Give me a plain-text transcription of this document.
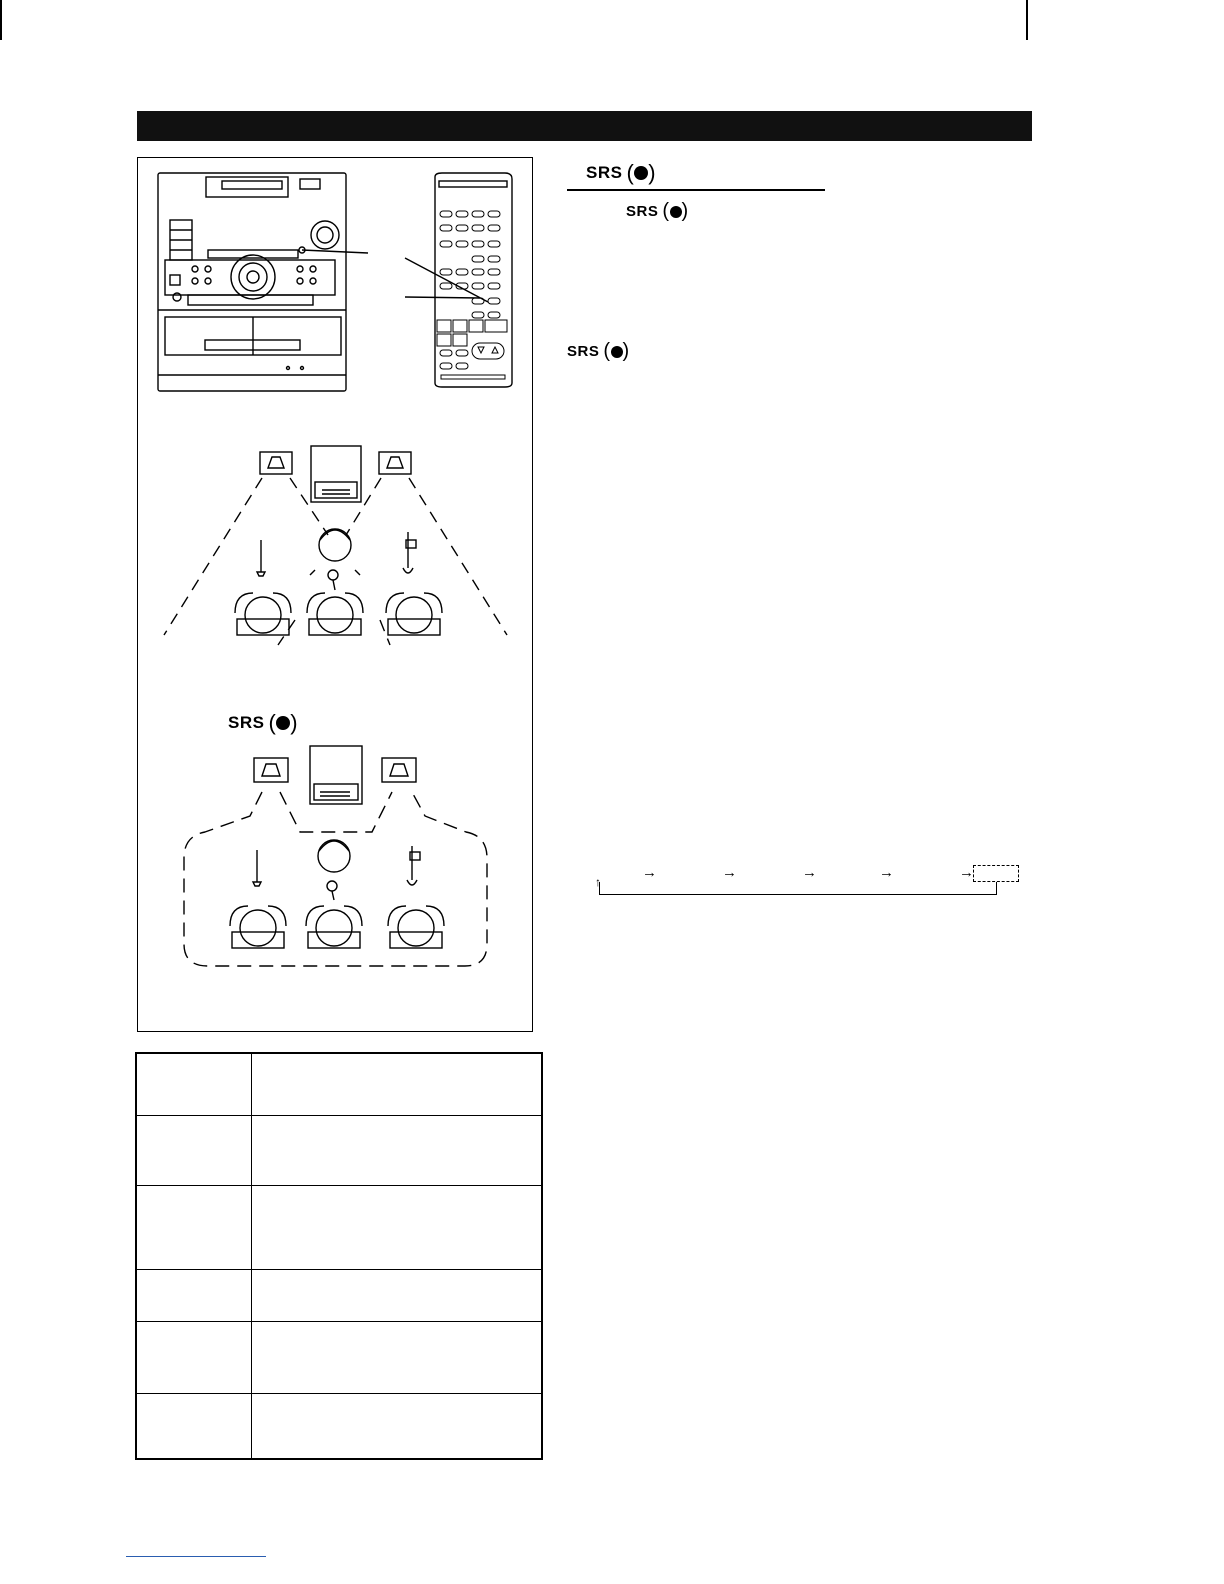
SRS ( )

SRS ( )
SRS ( )
SRS ( )
→	→	→	→	→
↑
